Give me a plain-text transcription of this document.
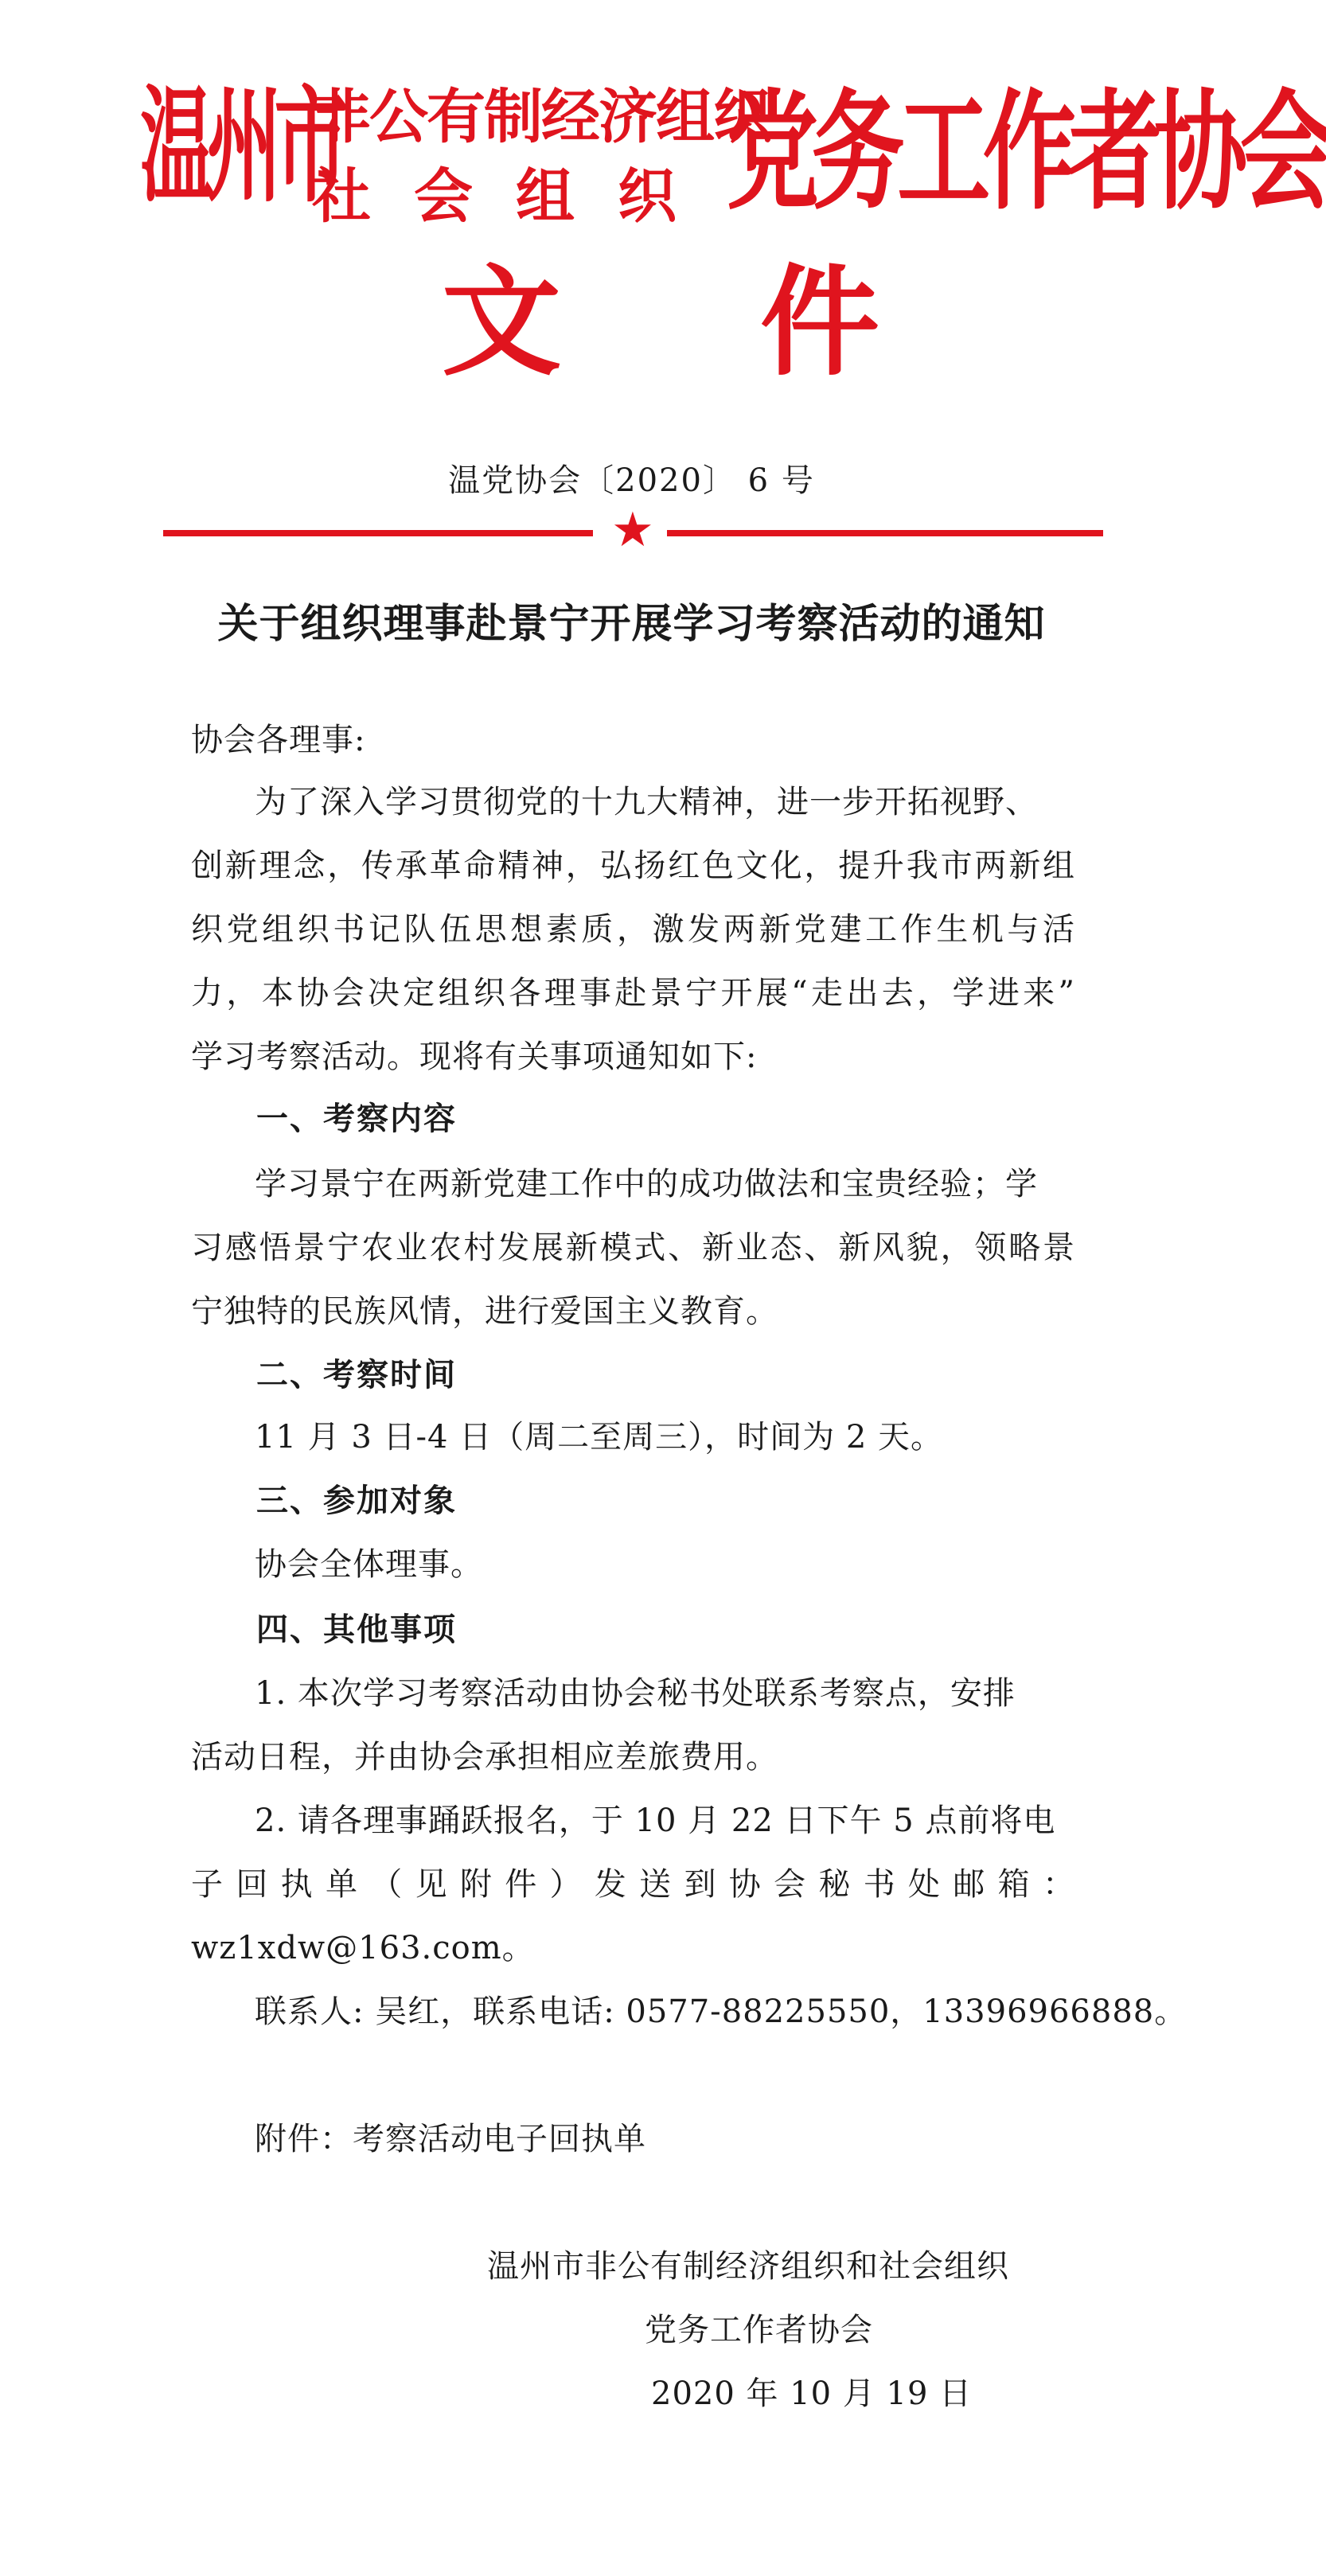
温州市
非公有制经济组织
社会组织 党务工作者协会
文件
温党协会〔2020〕 6 号
★
关于组织理事赴景宁开展学习考察活动的通知
协会各理事:
为了深入学习贯彻党的十九大精神，进一步开拓视野、
创新理念，传承革命精神，弘扬红色文化，提升我市两新组
织党组织书记队伍思想素质，激发两新党建工作生机与活
力，本协会决定组织各理事赴景宁开展“走出去，学进来”
学习考察活动。现将有关事项通知如下:
一、考察内容
学习景宁在两新党建工作中的成功做法和宝贵经验；学
习感悟景宁农业农村发展新模式、新业态、新风貌，领略景
宁独特的民族风情，进行爱国主义教育。
二、考察时间
11 月 3 日-4 日（周二至周三），时间为 2 天。
三、参加对象
协会全体理事。
四、其他事项
1. 本次学习考察活动由协会秘书处联系考察点，安排
活动日程，并由协会承担相应差旅费用。
2. 请各理事踊跃报名，于 10 月 22 日下午 5 点前将电
子回执单（见附件）发送到协会秘书处邮箱：
wz1xdw@163.com。
联系人: 吴红，联系电话: 0577-88225550，13396966888。
附件：考察活动电子回执单
温州市非公有制经济组织和社会组织
党务工作者协会
2020 年 10 月 19 日
